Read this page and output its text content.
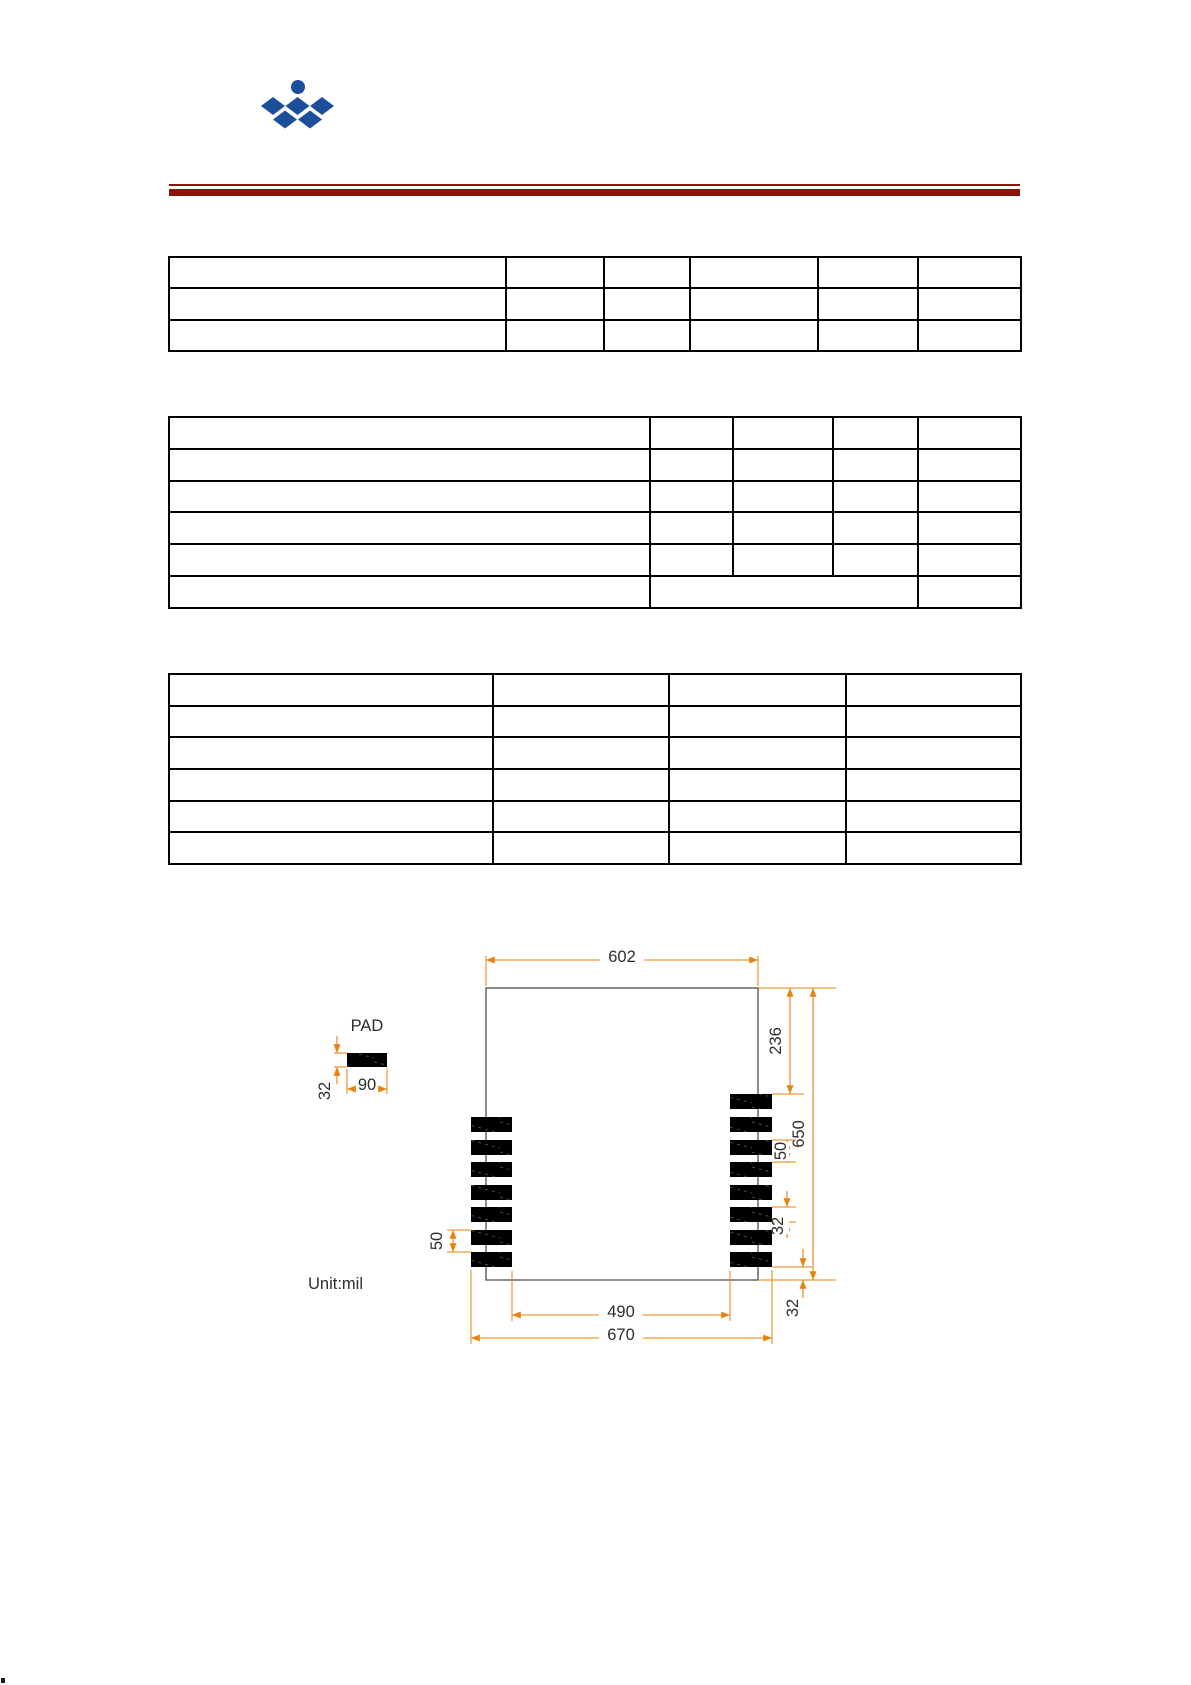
602
236
650
50
32
32
50
490
670
PAD
32 90
Unit:mil
